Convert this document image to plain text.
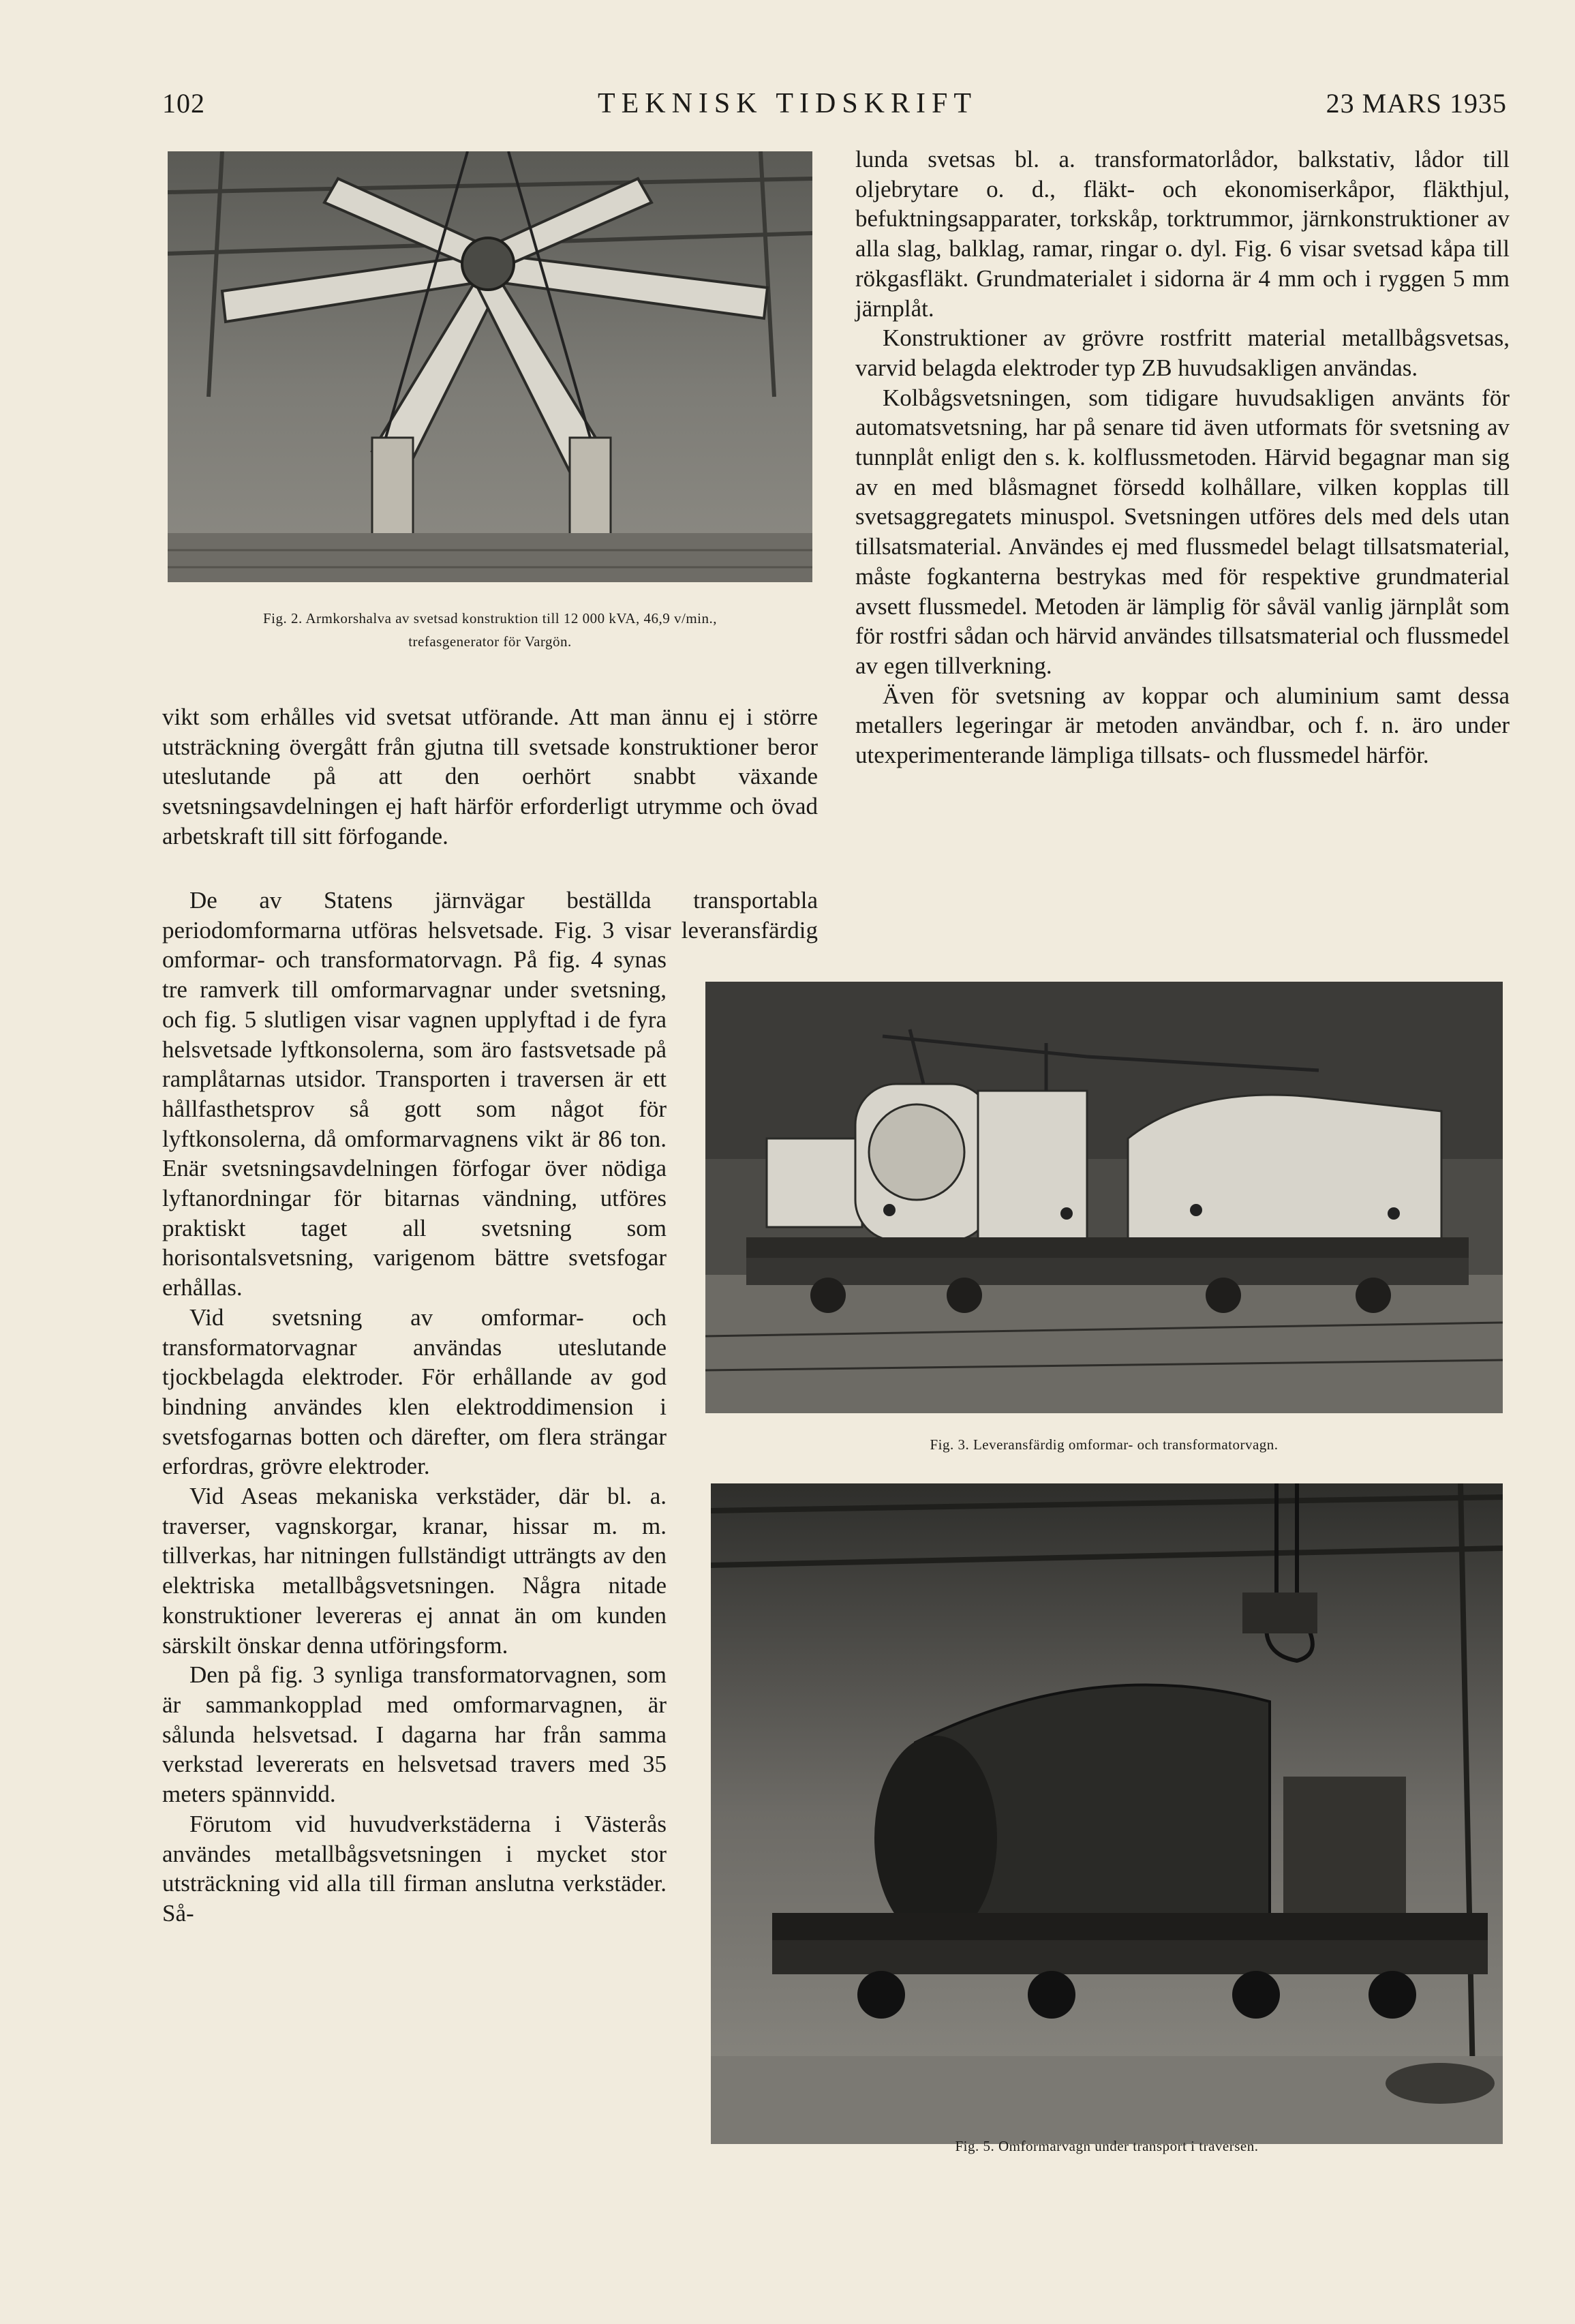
102	TEKNISK TIDSKRIFT	23 MARS 1935
Fig. 2. Armkorshalva av svetsad konstruktion till 12 000 kVA, 46,9 v/min.,
trefasgenerator för Vargön.

vikt som erhålles vid svetsat utförande. Att man ännu ej i större utsträckning övergått från gjutna till svetsade konstruktioner beror uteslutande på att den oerhört snabbt växande svetsningsavdelningen ej haft härför erforderligt utrymme och övad arbetskraft till sitt förfogande.

De av Statens järnvägar beställda transportabla periodomformarna utföras helsvetsade. Fig. 3 visar leveransfärdig omformar- och transformatorvagn. På fig. 4 synas tre ramverk till omformarvagnar under svetsning, och fig. 5 slutligen visar vagnen upplyftad i de fyra helsvetsade lyftkonsolerna, som äro fastsvetsade på ramplåtarnas utsidor. Transporten i traversen är ett hållfasthetsprov så gott som något för lyftkonsolerna, då omformarvagnens vikt är 86 ton. Enär svetsningsavdelningen förfogar över nödiga lyftanordningar för bitarnas vändning, utföres praktiskt taget all svetsning som horisontalsvetsning, varigenom bättre svetsfogar erhållas.

Vid svetsning av omformar- och transformatorvagnar användas uteslutande tjockbelagda elektroder. För erhållande av god bindning användes klen elektroddimension i svetsfogarnas botten och därefter, om flera strängar erfordras, grövre elektroder.

Vid Aseas mekaniska verkstäder, där bl. a. traverser, vagnskorgar, kranar, hissar m. m. tillverkas, har nitningen fullständigt utträngts av den elektriska metallbågsvetsningen. Några nitade konstruktioner levereras ej annat än om kunden särskilt önskar denna utföringsform.

Den på fig. 3 synliga transformatorvagnen, som är sammankopplad med omformarvagnen, är sålunda helsvetsad. I dagarna har från samma verkstad levererats en helsvetsad travers med 35 meters spännvidd.

Förutom vid huvudverkstäderna i Västerås användes metallbågsvetsningen i mycket stor utsträckning vid alla till firman anslutna verkstäder. Så-

lunda svetsas bl. a. transformatorlådor, balkstativ, lådor till oljebrytare o. d., fläkt- och ekonomiserkåpor, fläkthjul, befuktningsapparater, torkskåp, torktrummor, järnkonstruktioner av alla slag, balklag, ramar, ringar o. dyl. Fig. 6 visar svetsad kåpa till rökgasfläkt. Grundmaterialet i sidorna är 4 mm och i ryggen 5 mm järnplåt.

Konstruktioner av grövre rostfritt material metallbågsvetsas, varvid belagda elektroder typ ZB huvudsakligen användas.

Kolbågsvetsningen, som tidigare huvudsakligen använts för automatsvetsning, har på senare tid även utformats för svetsning av tunnplåt enligt den s. k. kolflussmetoden. Härvid begagnar man sig av en med blåsmagnet försedd kolhållare, vilken kopplas till svetsaggregatets minuspol. Svetsningen utföres dels med dels utan tillsatsmaterial. Användes ej med flussmedel belagt tillsatsmaterial, måste fogkanterna bestrykas med för respektive grundmaterial avsett flussmedel. Metoden är lämplig för såväl vanlig järnplåt som för rostfri sådan och härvid användes tillsatsmaterial och flussmedel av egen tillverkning.

Även för svetsning av koppar och aluminium samt dessa metallers legeringar är metoden användbar, och f. n. äro under utexperimenterande lämpliga tillsats- och flussmedel härför.

Fig. 3. Leveransfärdig omformar- och transformatorvagn.
Fig. 5. Omformarvagn under transport i traversen.
